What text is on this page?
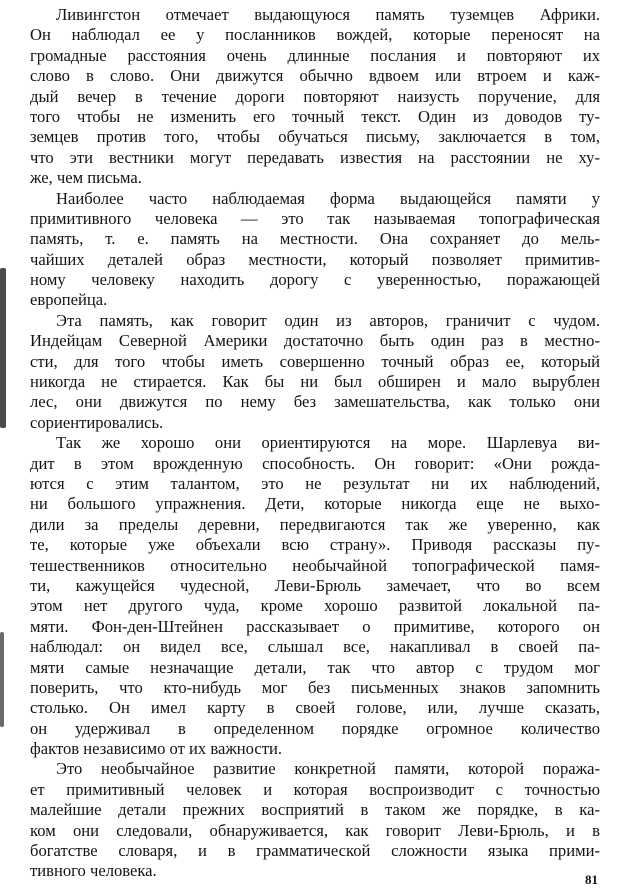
Ливингстон отмечает выдающуюся память туземцев Африки.
Он наблюдал ее у посланников вождей, которые переносят на
громадные расстояния очень длинные послания и повторяют их
слово в слово. Они движутся обычно вдвоем или втроем и каж-
дый вечер в течение дороги повторяют наизусть поручение, для
того чтобы не изменить его точный текст. Один из доводов ту-
земцев против того, чтобы обучаться письму, заключается в том,
что эти вестники могут передавать известия на расстоянии не ху-
же, чем письма.
Наиболее часто наблюдаемая форма выдающейся памяти у
примитивного человека — это так называемая топографическая
память, т. е. память на местности. Она сохраняет до мель-
чайших деталей образ местности, который позволяет примитив-
ному человеку находить дорогу с уверенностью, поражающей
европейца.
Эта память, как говорит один из авторов, граничит с чудом.
Индейцам Северной Америки достаточно быть один раз в местно-
сти, для того чтобы иметь совершенно точный образ ее, который
никогда не стирается. Как бы ни был обширен и мало вырублен
лес, они движутся по нему без замешательства, как только они
сориентировались.
Так же хорошо они ориентируются на море. Шарлевуа ви-
дит в этом врожденную способность. Он говорит: «Они рожда-
ются с этим талантом, это не результат ни их наблюдений,
ни большого упражнения. Дети, которые никогда еще не выхо-
дили за пределы деревни, передвигаются так же уверенно, как
те, которые уже объехали всю страну». Приводя рассказы пу-
тешественников относительно необычайной топографической памя-
ти, кажущейся чудесной, Леви-Брюль замечает, что во всем
этом нет другого чуда, кроме хорошо развитой локальной па-
мяти. Фон-ден-Штейнен рассказывает о примитиве, которого он
наблюдал: он видел все, слышал все, накапливал в своей па-
мяти самые незначащие детали, так что автор с трудом мог
поверить, что кто-нибудь мог без письменных знаков запомнить
столько. Он имел карту в своей голове, или, лучше сказать,
он удерживал в определенном порядке огромное количество
фактов независимо от их важности.
Это необычайное развитие конкретной памяти, которой поража-
ет примитивный человек и которая воспроизводит с точностью
малейшие детали прежних восприятий в таком же порядке, в ка-
ком они следовали, обнаруживается, как говорит Леви-Брюль, и в
богатстве словаря, и в грамматической сложности языка прими-
тивного человека.	81
